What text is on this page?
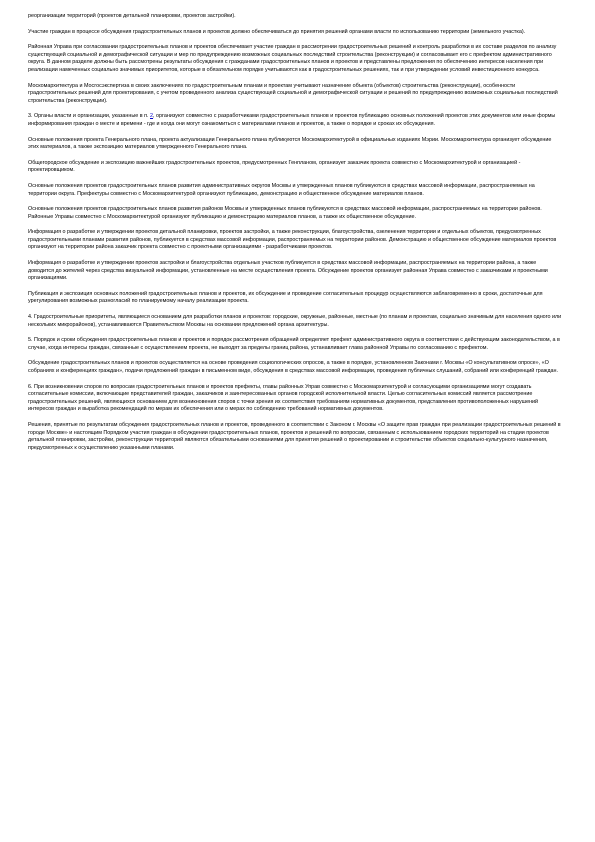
реорганизации территорий (проектов детальной планировки, проектов застройки).

Участие граждан в процессе обсуждения градостроительных планов и проектов должно обеспечиваться до принятия решений органами власти по использованию территории (земельного участка).

Районная Управа при согласовании градостроительных планов и проектов обеспечивает участие граждан в рассмотрении градостроительных решений и контроль разработки в их составе разделов по анализу существующей социальной и демографической ситуации и мер по предупреждению возможных социальных последствий строительства (реконструкции) и согласовывает его с префектом административного округа. В данном разделе должны быть рассмотрены результаты обсуждения с гражданами градостроительных планов и проектов и представлены предложения по обеспечению интересов населения при реализации намеченных социально значимых приоритетов, которые в обязательном порядке учитываются как в градостроительных решениях, так и при утверждении условий инвестиционного конкурса.

Москомархитектура и Мосгосэкспертиза в своих заключениях по градостроительным планам и проектам учитывают назначение объекта (объектов) строительства (реконструкции), особенности градостроительных решений для проектирования, с учетом проведенного анализа существующей социальной и демографической ситуации и решений по предупреждению возможных социальных последствий строительства (реконструкции).

3. Органы власти и организации, указанные в п. 2, организуют совместно с разработчиками градостроительных планов и проектов публикацию основных положений проектов этих документов или иные формы информирования граждан о месте и времени - где и когда они могут ознакомиться с материалами планов и проектов, а также о порядке и сроках их обсуждения.

Основные положения проекта Генерального плана, проекта актуализации Генерального плана публикуются Москомархитектурой в официальных изданиях Мэрии. Москомархитектура организует обсуждение этих материалов, а также экспозицию материалов утвержденного Генерального плана.

Общегородское обсуждение и экспозицию важнейших градостроительных проектов, предусмотренных Генпланом, организует заказчик проекта совместно с Москомархитектурой и организацией - проектировщиком.

Основные положения проектов градостроительных планов развития административных округов Москвы и утвержденных планов публикуются в средствах массовой информации, распространяемых на территории округа. Префектуры совместно с Москомархитектурой организуют публикацию, демонстрацию и общественное обсуждение материалов планов.

Основные положения проектов градостроительных планов развития районов Москвы и утвержденных планов публикуются в средствах массовой информации, распространяемых на территории районов. Районные Управы совместно с Москомархитектурой организуют публикацию и демонстрацию материалов планов, а также их общественное обсуждение.

Информация о разработке и утверждении проектов детальной планировки, проектов застройки, а также реконструкции, благоустройства, озеленения территории и отдельных объектов, предусмотренных градостроительными планами развития районов, публикуется в средствах массовой информации, распространяемых на территории районов. Демонстрацию и общественное обсуждение материалов проектов организуют на территории района заказчик проекта совместно с проектными организациями - разработчиками проектов.

Информация о разработке и утверждении проектов застройки и благоустройства отдельных участков публикуется в средствах массовой информации, распространяемых на территории района, а также доводится до жителей через средства визуальной информации, установленные на месте осуществления проекта. Обсуждение проектов организует районная Управа совместно с заказчиками и проектными организациями.

Публикация и экспозиция основных положений градостроительных планов и проектов, их обсуждение и проведение согласительных процедур осуществляются заблаговременно в сроки, достаточные для урегулирования возможных разногласий по планируемому началу реализации проекта.

4. Градостроительные приоритеты, являющиеся основанием для разработки планов и проектов: городские, окружные, районные, местные (по планам и проектам, социально значимым для населения одного или нескольких микрорайонов), устанавливаются Правительством Москвы на основании предложений органа архитектуры.

5. Порядок и сроки обсуждения градостроительных планов и проектов и порядок рассмотрения обращений определяет префект административного округа в соответствии с действующим законодательством, а в случае, когда интересы граждан, связанные с осуществлением проекта, не выходят за пределы границ района, устанавливает глава районной Управы по согласованию с префектом.

Обсуждение градостроительных планов и проектов осуществляется на основе проведения социологических опросов, а также в порядке, установленном Законами г. Москвы «О консультативном опросе», «О собраниях и конференциях граждан», подачи предложений граждан в письменном виде, обсуждения в средствах массовой информации, проведения публичных слушаний, собраний или конференций граждан.

6. При возникновении споров по вопросам градостроительных планов и проектов префекты, главы районных Управ совместно с Москомархитектурой и согласующими организациями могут создавать согласительные комиссии, включающие представителей граждан, заказчиков и заинтересованных органов городской исполнительной власти. Целью согласительных комиссий является рассмотрение градостроительных решений, являющихся основанием для возникновения споров с точки зрения их соответствия требованиям нормативных документов, представления противоположенных нарушений интересов граждан и выработка рекомендаций по мерам их обеспечения или о мерах по соблюдению требований нормативных документов.

Решения, принятые по результатам обсуждения градостроительных планов и проектов, проведенного в соответствии с Законом г. Москвы «О защите прав граждан при реализации градостроительных решений в городе Москве» и настоящим Порядком участия граждан в обсуждении градостроительных планов, проектов и решений по вопросам, связанным с использованием городских территорий на стадии проектов детальной планировки, застройки, реконструкции территорий являются обязательными основаниями для принятия решений о проектировании и строительстве объектов социально-культурного назначения, предусмотренных к осуществлению указанными планами.
